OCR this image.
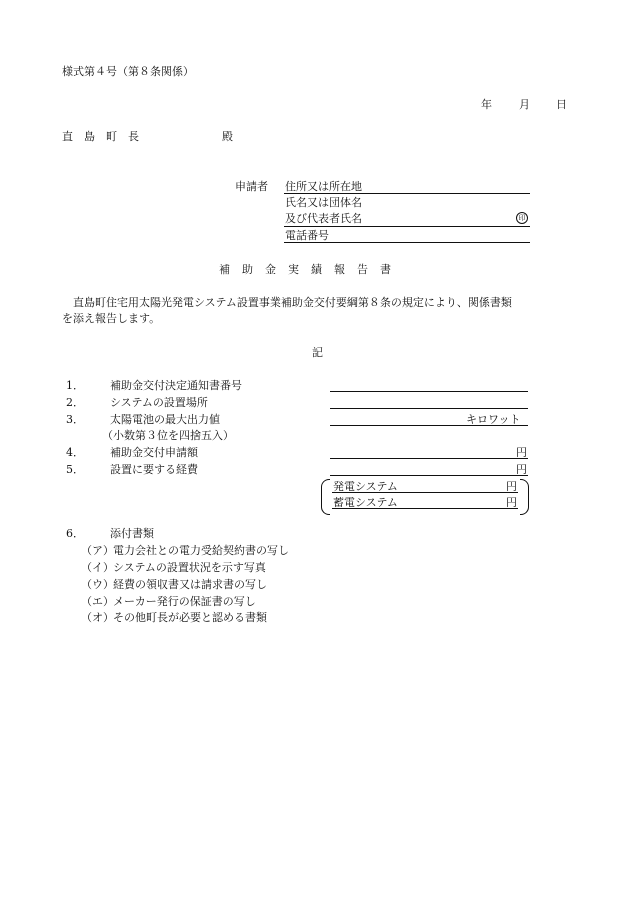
様式第４号（第８条関係）
年 月 日
直　島　町　長	殿
申請者 住所又は所在地
氏名又は団体名
及び代表者氏名	印
電話番号
補　助　金　実　績　報　告　書
直島町住宅用太陽光発電システム設置事業補助金交付要綱第８条の規定により、関係書類
を添え報告します。
記
1． 補助金交付決定通知書番号
2． システムの設置場所
3． 太陽電池の最大出力値	キロワット
（小数第３位を四捨五入）
4． 補助金交付申請額	円
5． 設置に要する経費	円
発電システム	円
蓄電システム	円
6． 添付書類
（ア） 電力会社との電力受給契約書の写し
（イ） システムの設置状況を示す写真
（ウ） 経費の領収書又は請求書の写し
（エ） メーカー発行の保証書の写し
（オ） その他町長が必要と認める書類
